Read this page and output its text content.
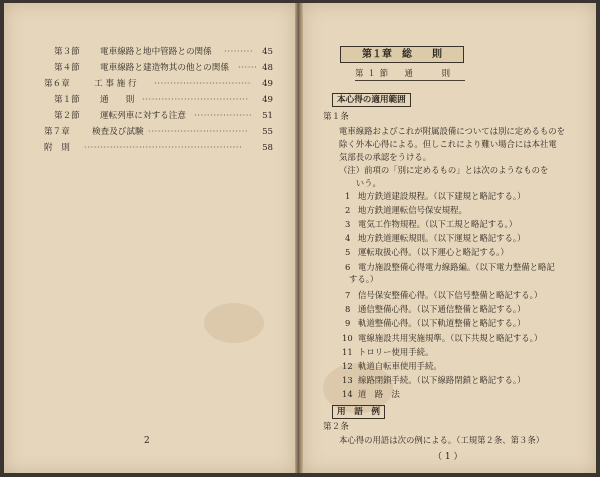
第３節 電車線路と地中管路との関係 ·········	45
第４節 電車線路と建造物其の他との関係 ······ 48
第６章	工 事 施 行 ······························	49
第１節 通　　則 ·································	49
第２節 運転列車に対する注意 ··················	51
第７章	検査及び試験 ·······························	55
附　則 ·················································	58
2
第１章　総　　則
第１節　通　　則
本心得の適用範囲
第１条
電車線路およびこれが附属設備については別に定めるものを
除く外本心得による。但しこれにより難い場合には本社電
気部長の承認をうける。
（注）前項の「別に定めるもの」とは次のようなものを
　　いう。
1 地方鉄道建設規程。（以下建規と略記する。）
2 地方鉄道運転信号保安規程。
3 電気工作物規程。（以下工規と略記する。）
4 地方鉄道運転規則。（以下運規と略記する。）
5 運転取扱心得。（以下運心と略記する。）
6 電力施設整備心得電力線路編。（以下電力整備と略記
する。）
7 信号保安整備心得。（以下信号整備と略記する。）
8 通信整備心得。（以下通信整備と略記する。）
9 軌道整備心得。（以下軌道整備と略記する。）
10 電線施設共用実施規準。（以下共規と略記する。）
11 トロリー使用手続。
12 軌道自転車使用手続。
13 線路閉鎖手続。（以下線路閉鎖と略記する。）
14 道　路　法
用　語　例
第２条
本心得の用語は次の例による。（工規第２条、第３条）
（ 1 ）
